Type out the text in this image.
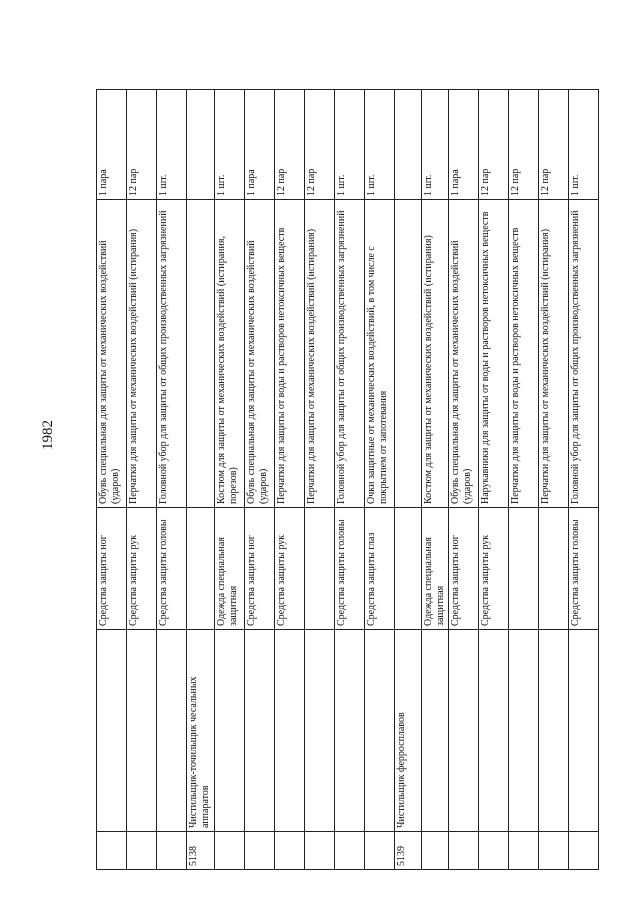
1982
		Средства защиты ног	Обувь специальная для защиты от механических воздействий (ударов)	1 пара
		Средства защиты рук	Перчатки для защиты от механических воздействий (истирания)	12 пар
		Средства защиты головы	Головной убор для защиты от общих производственных загрязнений	1 шт.
5138	Чистильщик-точильщик чесальных аппаратов			
		Одежда специальная защитная	Костюм для защиты от механических воздействий (истирания, порезов)	1 шт.
		Средства защиты ног	Обувь специальная для защиты от механических воздействий (ударов)	1 пара
		Средства защиты рук	Перчатки для защиты от воды и растворов нетоксичных веществ	12 пар
			Перчатки для защиты от механических воздействий (истирания)	12 пар
		Средства защиты головы	Головной убор для защиты от общих производственных загрязнений	1 шт.
		Средства защиты глаз	Очки защитные от механических воздействий, в том числе с покрытием от запотевания	1 шт.
5139	Чистильщик ферросплавов			
		Одежда специальная защитная	Костюм для защиты от механических воздействий (истирания)	1 шт.
		Средства защиты ног	Обувь специальная для защиты от механических воздействий (ударов)	1 пара
		Средства защиты рук	Нарукавники для защиты от воды и растворов нетоксичных веществ	12 пар
			Перчатки для защиты от воды и растворов нетоксичных веществ	12 пар
			Перчатки для защиты от механических воздействий (истирания)	12 пар
		Средства защиты головы	Головной убор для защиты от общих производственных загрязнений	1 шт.
